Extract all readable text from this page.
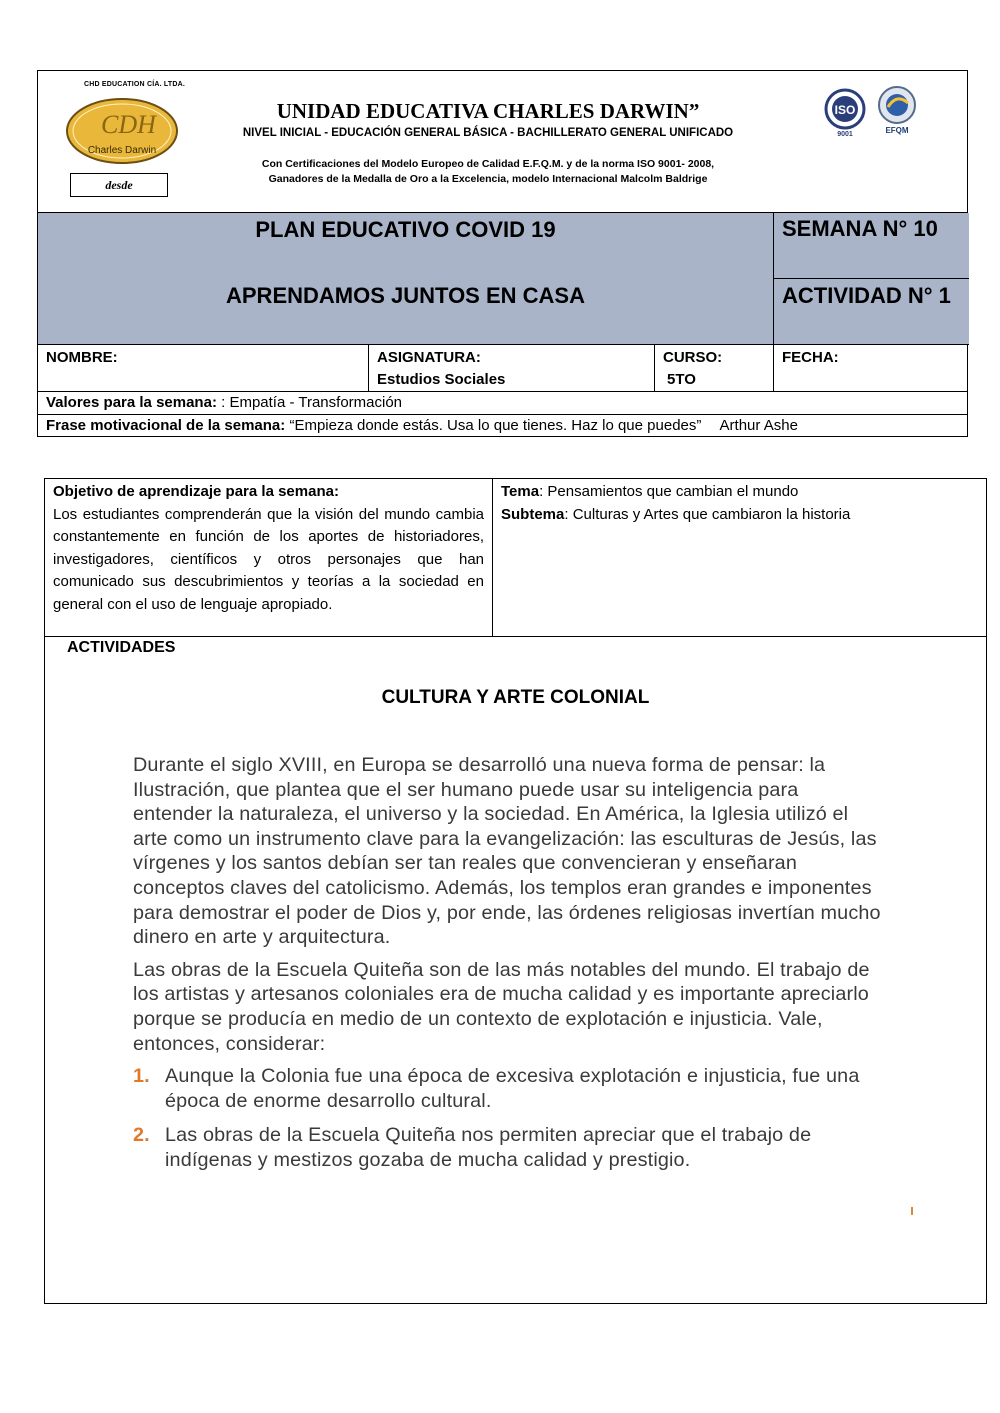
CHD EDUCATION CÍA. LTDA.
CDH
Charles Darwin
desde
UNIDAD EDUCATIVA CHARLES DARWIN”
NIVEL INICIAL - EDUCACIÓN GENERAL BÁSICA - BACHILLERATO GENERAL UNIFICADO
Con Certificaciones del Modelo Europeo de Calidad E.F.Q.M. y de la norma ISO 9001- 2008,
Ganadores de la Medalla de Oro a la Excelencia, modelo Internacional Malcolm Baldrige
ISO
9001	EFQM
PLAN EDUCATIVO COVID 19
APRENDAMOS JUNTOS EN CASA
SEMANA N° 10
ACTIVIDAD N° 1
NOMBRE:	ASIGNATURA:
Estudios Sociales
CURSO:
5TO
FECHA:
Valores para la semana: : Empatía - Transformación
Frase motivacional de la semana: “Empieza donde estás. Usa lo que tienes. Haz lo que puedes” Arthur Ashe
Objetivo de aprendizaje para la semana:
Los estudiantes comprenderán que la visión del mundo cambia constantemente en función de los aportes de historiadores, investigadores, científicos y otros personajes que han comunicado sus descubrimientos y teorías a la sociedad en general con el uso de lenguaje apropiado.
Tema: Pensamientos que cambian el mundo
Subtema: Culturas y Artes que cambiaron la historia
ACTIVIDADES
CULTURA Y ARTE COLONIAL

Durante el siglo XVIII, en Europa se desarrolló una nueva forma de pensar: la Ilustración, que plantea que el ser humano puede usar su inteligencia para entender la naturaleza, el universo y la sociedad. En América, la Iglesia utilizó el arte como un instrumento clave para la evangelización: las esculturas de Jesús, las vírgenes y los santos debían ser tan reales que convencieran y enseñaran conceptos claves del catolicismo. Además, los templos eran grandes e imponentes para demostrar el poder de Dios y, por ende, las órdenes religiosas invertían mucho dinero en arte y arquitectura.

Las obras de la Escuela Quiteña son de las más notables del mundo. El trabajo de los artistas y artesanos coloniales era de mucha calidad y es importante apreciarlo porque se producía en medio de un contexto de explotación e injusticia. Vale, entonces, considerar:

1. Aunque la Colonia fue una época de excesiva explotación e injusticia, fue una época de enorme desarrollo cultural.
2. Las obras de la Escuela Quiteña nos permiten apreciar que el trabajo de indígenas y mestizos gozaba de mucha calidad y prestigio.
